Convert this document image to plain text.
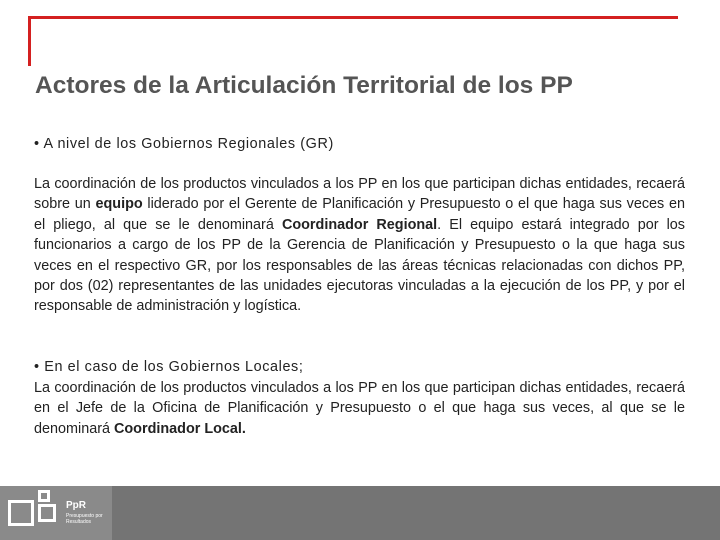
Actores de la Articulación Territorial de los PP
• A nivel de los Gobiernos Regionales (GR)
La coordinación de los productos vinculados a los PP en los que participan dichas entidades, recaerá sobre un equipo liderado por el Gerente de Planificación y Presupuesto o el que haga sus veces en el pliego, al que se le denominará Coordinador Regional. El equipo estará integrado por los funcionarios a cargo de los PP de la Gerencia de Planificación y Presupuesto o la que haga sus veces en el respectivo GR, por los responsables de las áreas técnicas relacionadas con dichos PP, por dos (02) representantes de las unidades ejecutoras vinculadas a la ejecución de los PP, y por el responsable de administración y logística.
• En el caso de los Gobiernos Locales;
La coordinación de los productos vinculados a los PP en los que participan dichas entidades, recaerá en el Jefe de la Oficina de Planificación y Presupuesto o el que haga sus veces, al que se le denominará Coordinador Local.
PpR
Presupuesto por Resultados
